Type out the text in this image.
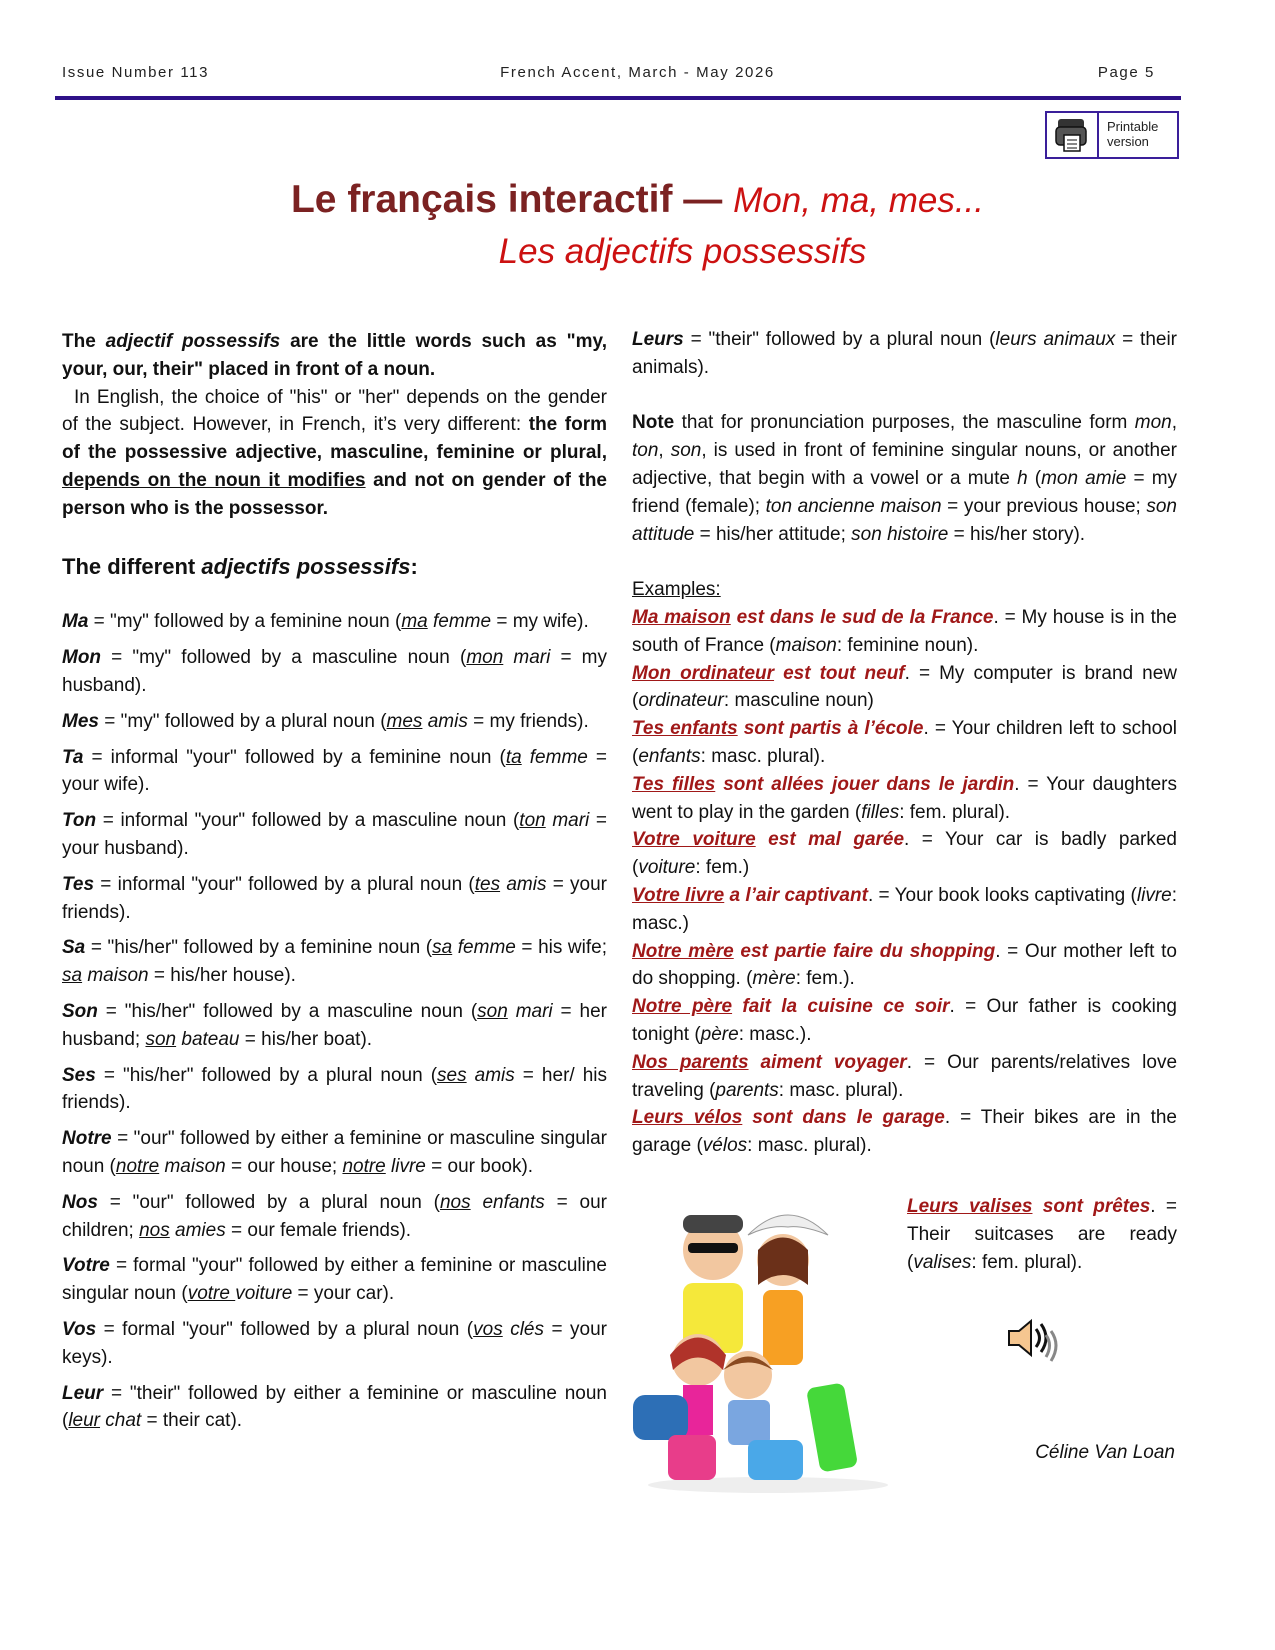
Issue Number 113	French Accent, March - May 2026	Page 5
Printable
version
Le français interactif — Mon, ma, mes...
Les adjectifs possessifs

The adjectif possessifs are the little words such as "my, your, our, their" placed in front of a noun.

In English, the choice of "his" or "her" depends on the gender of the subject. However, in French, it’s very different: the form of the possessive adjective, masculine, feminine or plural, depends on the noun it modifies and not on gender of the person who is the possessor.

The different adjectifs possessifs:

Ma = "my" followed by a feminine noun (ma femme = my wife).

Mon = "my" followed by a masculine noun (mon mari = my husband).

Mes = "my" followed by a plural noun (mes amis = my friends).

Ta = informal "your" followed by a feminine noun (ta femme = your wife).

Ton = informal "your" followed by a masculine noun (ton mari = your husband).

Tes = informal "your" followed by a plural noun (tes amis = your friends).

Sa = "his/her" followed by a feminine noun (sa femme = his wife; sa maison = his/her house).

Son = "his/her" followed by a masculine noun (son mari = her husband; son bateau = his/her boat).

Ses = "his/her" followed by a plural noun (ses amis = her/ his friends).

Notre = "our" followed by either a feminine or masculine singular noun (notre maison = our house; notre livre = our book).

Nos = "our" followed by a plural noun (nos enfants = our children; nos amies = our female friends).

Votre = formal "your" followed by either a feminine or masculine singular noun (votre voiture = your car).

Vos = formal "your" followed by a plural noun (vos clés = your keys).

Leur = "their" followed by either a feminine or masculine noun (leur chat = their cat).

Leurs = "their" followed by a plural noun (leurs animaux = their animals).

Note that for pronunciation purposes, the masculine form mon, ton, son, is used in front of feminine singular nouns, or another adjective, that begin with a vowel or a mute h (mon amie = my friend (female); ton ancienne maison = your previous house; son attitude = his/her attitude; son histoire = his/her story).

Examples:

Ma maison est dans le sud de la France. = My house is in the south of France (maison: feminine noun).

Mon ordinateur est tout neuf. = My computer is brand new (ordinateur: masculine noun)

Tes enfants sont partis à l’école. = Your children left to school (enfants: masc. plural).

Tes filles sont allées jouer dans le jardin. = Your daughters went to play in the garden (filles: fem. plural).

Votre voiture est mal garée. = Your car is badly parked (voiture: fem.)

Votre livre a l’air captivant. = Your book looks captivating (livre: masc.)

Notre mère est partie faire du shopping. = Our mother left to do shopping. (mère: fem.).

Notre père fait la cuisine ce soir. = Our father is cooking tonight (père: masc.).

Nos parents aiment voyager. = Our parents/relatives love traveling (parents: masc. plural).

Leurs vélos sont dans le garage. = Their bikes are in the garage (vélos: masc. plural).

Leurs valises sont prêtes. = Their suitcases are ready (valises: fem. plural).
Céline Van Loan
